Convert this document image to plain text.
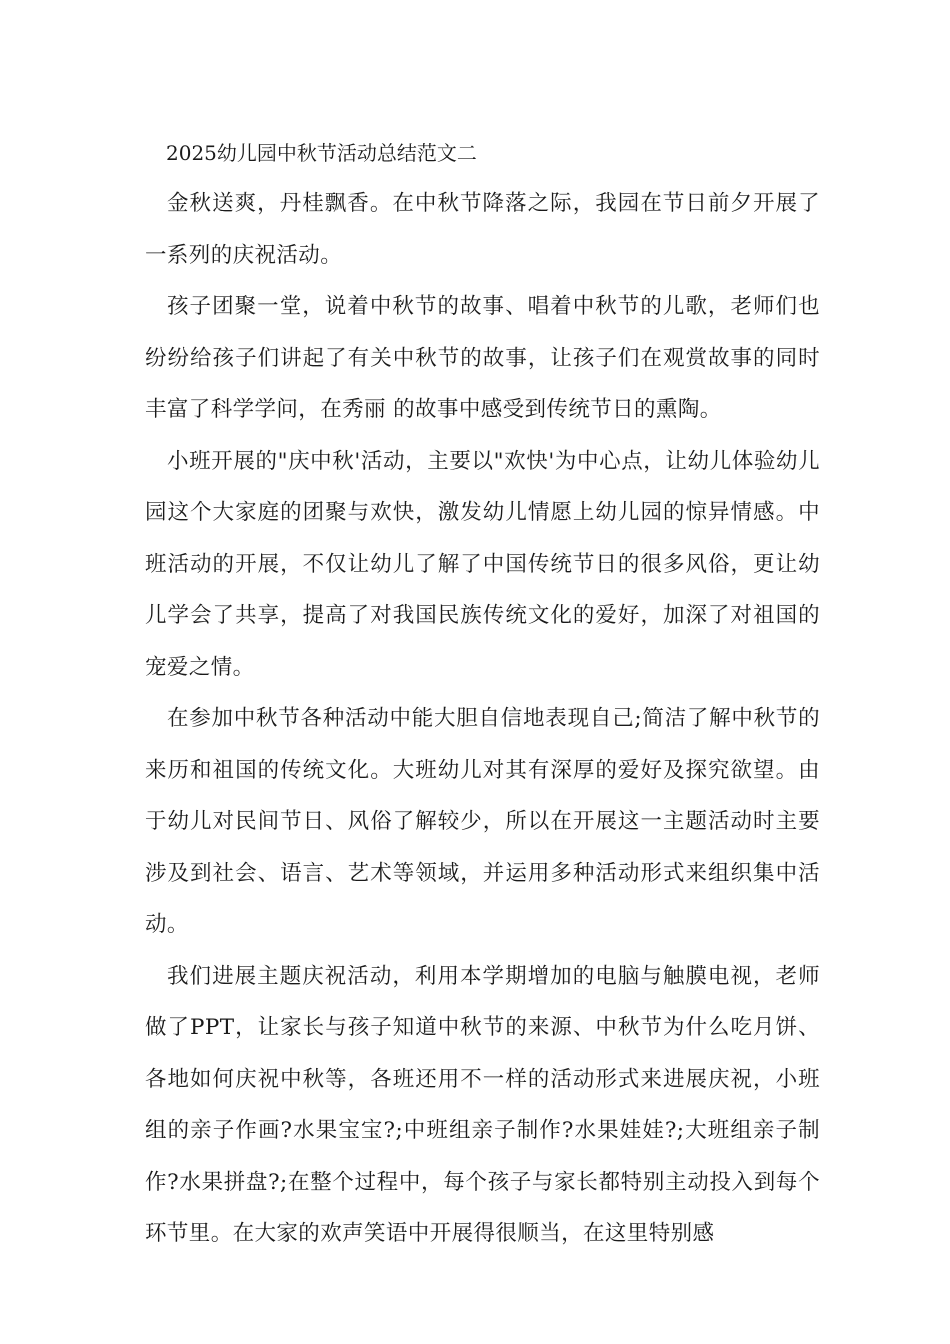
2025幼儿园中秋节活动总结范文二

金秋送爽，丹桂飘香。在中秋节降落之际，我园在节日前夕开展了一系列的庆祝活动。

孩子团聚一堂，说着中秋节的故事、唱着中秋节的儿歌，老师们也纷纷给孩子们讲起了有关中秋节的故事，让孩子们在观赏故事的同时丰富了科学学问，在秀丽 的故事中感受到传统节日的熏陶。

小班开展的"庆中秋'活动，主要以"欢快'为中心点，让幼儿体验幼儿园这个大家庭的团聚与欢快，激发幼儿情愿上幼儿园的惊异情感。中班活动的开展，不仅让幼儿了解了中国传统节日的很多风俗，更让幼儿学会了共享，提高了对我国民族传统文化的爱好，加深了对祖国的宠爱之情。

在参加中秋节各种活动中能大胆自信地表现自己;简洁了解中秋节的来历和祖国的传统文化。大班幼儿对其有深厚的爱好及探究欲望。由于幼儿对民间节日、风俗了解较少，所以在开展这一主题活动时主要涉及到社会、语言、艺术等领域，并运用多种活动形式来组织集中活动。

我们进展主题庆祝活动，利用本学期增加的电脑与触膜电视，老师做了PPT，让家长与孩子知道中秋节的来源、中秋节为什么吃月饼、各地如何庆祝中秋等，各班还用不一样的活动形式来进展庆祝，小班组的亲子作画?水果宝宝?;中班组亲子制作?水果娃娃?;大班组亲子制作?水果拼盘?;在整个过程中，每个孩子与家长都特别主动投入到每个环节里。在大家的欢声笑语中开展得很顺当，在这里特别感
